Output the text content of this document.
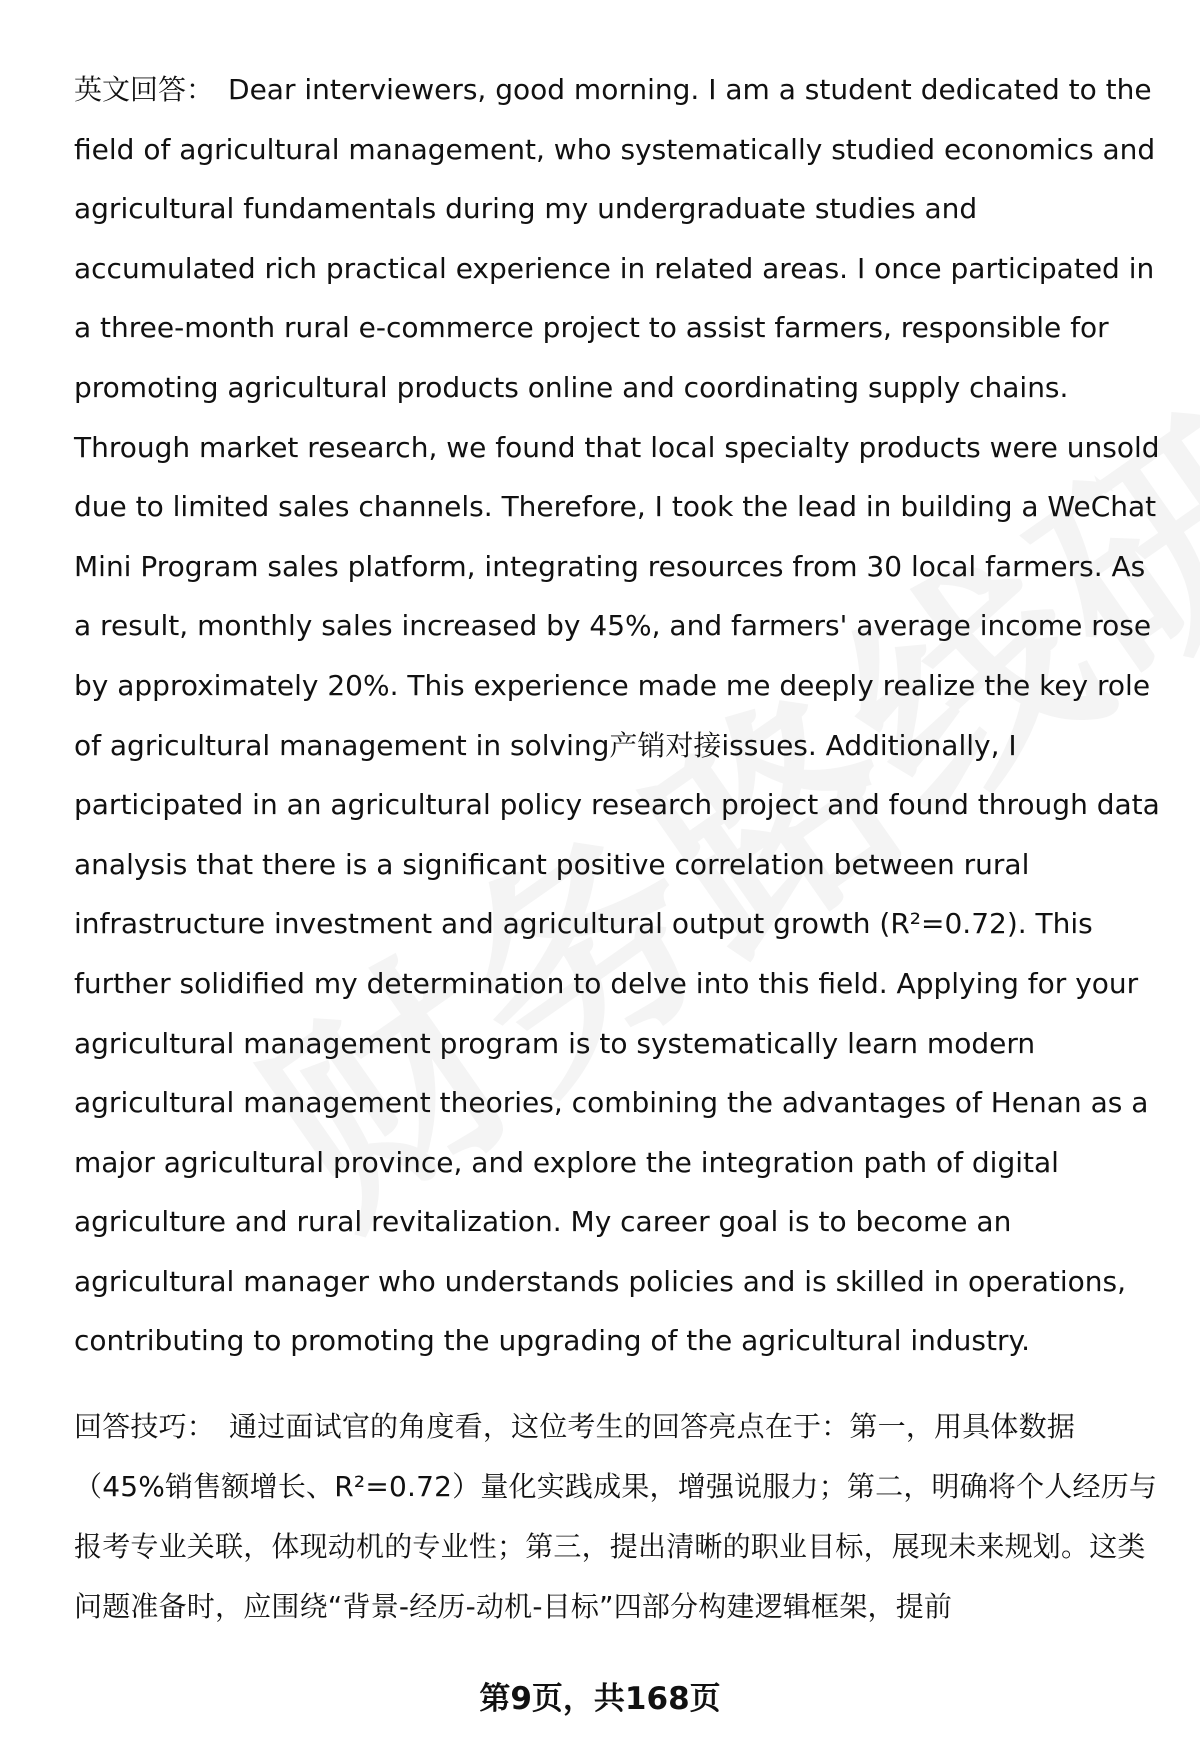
英文回答： Dear interviewers, good morning. I am a student dedicated to the field of agricultural management, who systematically studied economics and agricultural fundamentals during my undergraduate studies and accumulated rich practical experience in related areas. I once participated in a three-month rural e-commerce project to assist farmers, responsible for promoting agricultural products online and coordinating supply chains. Through market research, we found that local specialty products were unsold due to limited sales channels. Therefore, I took the lead in building a WeChat Mini Program sales platform, integrating resources from 30 local farmers. As a result, monthly sales increased by 45%, and farmers' average income rose by approximately 20%. This experience made me deeply realize the key role of agricultural management in solving产销对接issues. Additionally, I participated in an agricultural policy research project and found through data analysis that there is a significant positive correlation between rural infrastructure investment and agricultural output growth (R²=0.72). This further solidified my determination to delve into this field. Applying for your agricultural management program is to systematically learn modern agricultural management theories, combining the advantages of Henan as a major agricultural province, and explore the integration path of digital agriculture and rural revitalization. My career goal is to become an agricultural manager who understands policies and is skilled in operations, contributing to promoting the upgrading of the agricultural industry.
回答技巧： 通过面试官的角度看，这位考生的回答亮点在于：第一，用具体数据（45%销售额增长、R²=0.72）量化实践成果，增强说服力；第二，明确将个人经历与报考专业关联，体现动机的专业性；第三，提出清晰的职业目标，展现未来规划。这类问题准备时，应围绕“背景-经历-动机-目标”四部分构建逻辑框架，提前
第9页，共168页
